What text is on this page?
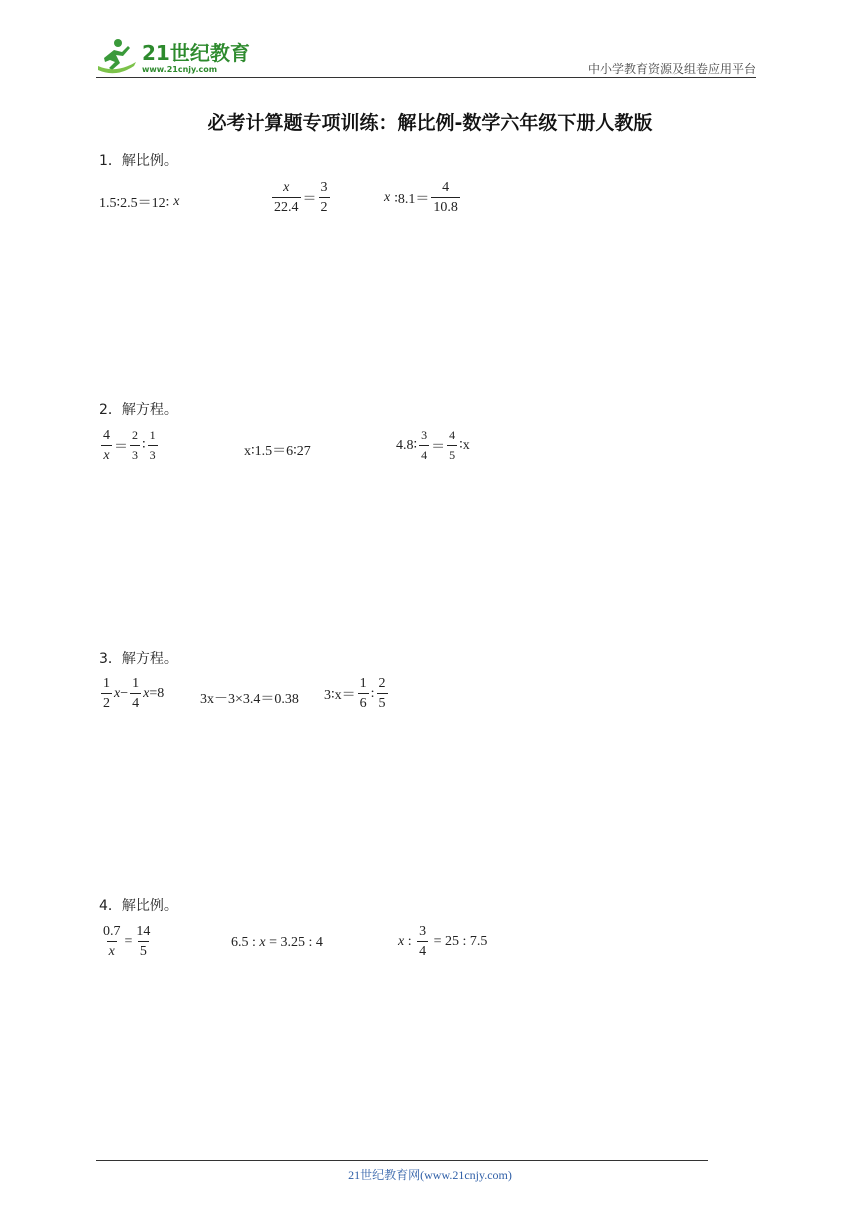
21世纪教育
www.21cnjy.com	中小学教育资源及组卷应用平台
必考计算题专项训练：解比例-数学六年级下册人教版
1．解比例。
1.5∶2.5＝12∶ x	$\frac{x}{22.4} = \frac{3}{2}$	x ∶8.1＝ $\frac{4}{10.8}$
2．解方程。
$\frac{4}{x} = \frac{2}{3}$ ∶ $\frac{1}{3}$	x∶1.5＝6∶27	4.8∶ $\frac{3}{4} = \frac{4}{5}$ ∶x
3．解方程。
$\frac{1}{2}$ $x - \frac{1}{4}$ x =8	3x－3×3.4＝0.38 3∶x＝ $\frac{1}{6}$ : $\frac{2}{5}$
4．解比例。
$\frac{0.7}{x} = \frac{14}{5}$	6.5 : x = 3.25 : 4	x : $\frac{3}{4} = 25$ : 7.5
21世纪教育网(www.21cnjy.com)
